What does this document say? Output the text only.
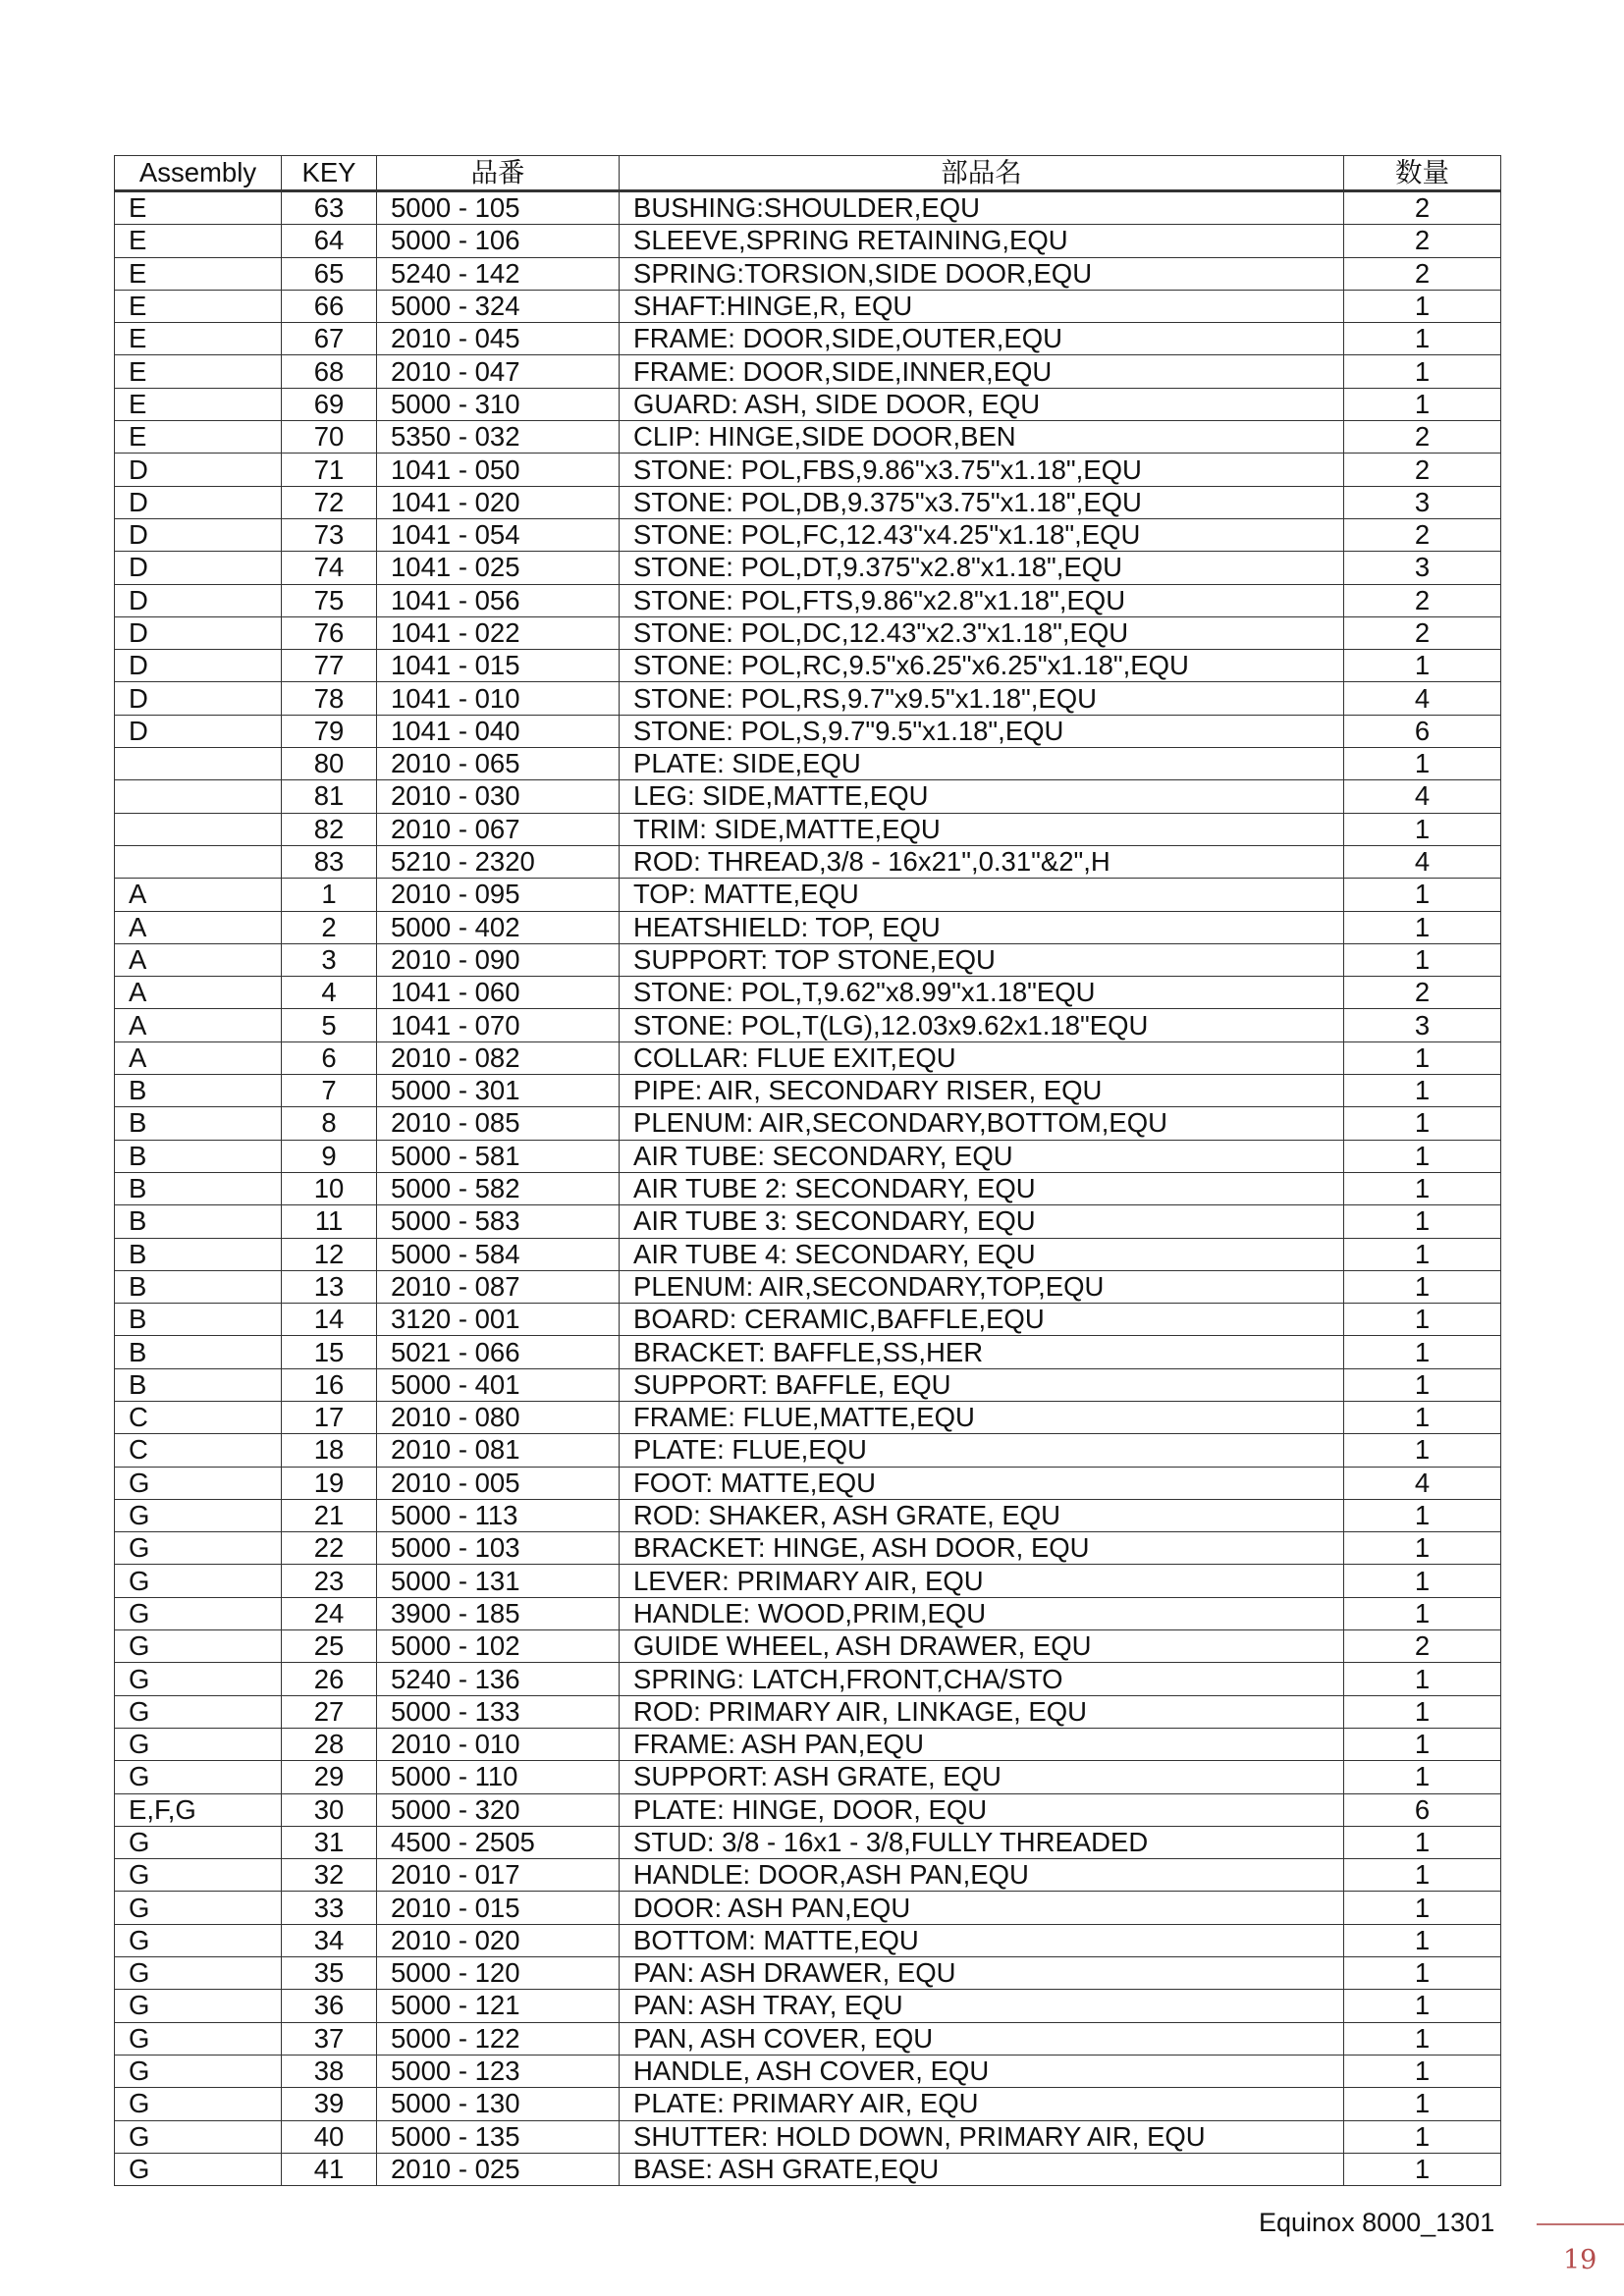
Assembly	KEY	品番	部品名	数量
E	63	5000 - 105	BUSHING:SHOULDER,EQU	2
E	64	5000 - 106	SLEEVE,SPRING RETAINING,EQU	2
E	65	5240 - 142	SPRING:TORSION,SIDE DOOR,EQU	2
E	66	5000 - 324	SHAFT:HINGE,R, EQU	1
E	67	2010 - 045	FRAME: DOOR,SIDE,OUTER,EQU	1
E	68	2010 - 047	FRAME: DOOR,SIDE,INNER,EQU	1
E	69	5000 - 310	GUARD: ASH, SIDE DOOR, EQU	1
E	70	5350 - 032	CLIP: HINGE,SIDE DOOR,BEN	2
D	71	1041 - 050	STONE: POL,FBS,9.86"x3.75"x1.18",EQU	2
D	72	1041 - 020	STONE: POL,DB,9.375"x3.75"x1.18",EQU	3
D	73	1041 - 054	STONE: POL,FC,12.43"x4.25"x1.18",EQU	2
D	74	1041 - 025	STONE: POL,DT,9.375"x2.8"x1.18",EQU	3
D	75	1041 - 056	STONE: POL,FTS,9.86"x2.8"x1.18",EQU	2
D	76	1041 - 022	STONE: POL,DC,12.43"x2.3"x1.18",EQU	2
D	77	1041 - 015	STONE: POL,RC,9.5"x6.25"x6.25"x1.18",EQU	1
D	78	1041 - 010	STONE: POL,RS,9.7"x9.5"x1.18",EQU	4
D	79	1041 - 040	STONE: POL,S,9.7"9.5"x1.18",EQU	6
	80	2010 - 065	PLATE: SIDE,EQU	1
	81	2010 - 030	LEG: SIDE,MATTE,EQU	4
	82	2010 - 067	TRIM: SIDE,MATTE,EQU	1
	83	5210 - 2320	ROD: THREAD,3/8 - 16x21",0.31"&2",H	4
A	1	2010 - 095	TOP: MATTE,EQU	1
A	2	5000 - 402	HEATSHIELD: TOP, EQU	1
A	3	2010 - 090	SUPPORT: TOP STONE,EQU	1
A	4	1041 - 060	STONE: POL,T,9.62"x8.99"x1.18"EQU	2
A	5	1041 - 070	STONE: POL,T(LG),12.03x9.62x1.18"EQU	3
A	6	2010 - 082	COLLAR: FLUE EXIT,EQU	1
B	7	5000 - 301	PIPE: AIR, SECONDARY RISER, EQU	1
B	8	2010 - 085	PLENUM: AIR,SECONDARY,BOTTOM,EQU	1
B	9	5000 - 581	AIR TUBE: SECONDARY, EQU	1
B	10	5000 - 582	AIR TUBE 2: SECONDARY, EQU	1
B	11	5000 - 583	AIR TUBE 3: SECONDARY, EQU	1
B	12	5000 - 584	AIR TUBE 4: SECONDARY, EQU	1
B	13	2010 - 087	PLENUM: AIR,SECONDARY,TOP,EQU	1
B	14	3120 - 001	BOARD: CERAMIC,BAFFLE,EQU	1
B	15	5021 - 066	BRACKET: BAFFLE,SS,HER	1
B	16	5000 - 401	SUPPORT: BAFFLE, EQU	1
C	17	2010 - 080	FRAME: FLUE,MATTE,EQU	1
C	18	2010 - 081	PLATE: FLUE,EQU	1
G	19	2010 - 005	FOOT: MATTE,EQU	4
G	21	5000 - 113	ROD: SHAKER, ASH GRATE, EQU	1
G	22	5000 - 103	BRACKET: HINGE, ASH DOOR, EQU	1
G	23	5000 - 131	LEVER: PRIMARY AIR, EQU	1
G	24	3900 - 185	HANDLE: WOOD,PRIM,EQU	1
G	25	5000 - 102	GUIDE WHEEL, ASH DRAWER, EQU	2
G	26	5240 - 136	SPRING: LATCH,FRONT,CHA/STO	1
G	27	5000 - 133	ROD: PRIMARY AIR, LINKAGE, EQU	1
G	28	2010 - 010	FRAME: ASH PAN,EQU	1
G	29	5000 - 110	SUPPORT: ASH GRATE, EQU	1
E,F,G	30	5000 - 320	PLATE: HINGE, DOOR, EQU	6
G	31	4500 - 2505	STUD: 3/8 - 16x1 - 3/8,FULLY THREADED	1
G	32	2010 - 017	HANDLE: DOOR,ASH PAN,EQU	1
G	33	2010 - 015	DOOR: ASH PAN,EQU	1
G	34	2010 - 020	BOTTOM: MATTE,EQU	1
G	35	5000 - 120	PAN: ASH DRAWER, EQU	1
G	36	5000 - 121	PAN: ASH TRAY, EQU	1
G	37	5000 - 122	PAN, ASH COVER, EQU	1
G	38	5000 - 123	HANDLE, ASH COVER, EQU	1
G	39	5000 - 130	PLATE: PRIMARY AIR, EQU	1
G	40	5000 - 135	SHUTTER: HOLD DOWN, PRIMARY AIR, EQU	1
G	41	2010 - 025	BASE: ASH GRATE,EQU	1
Equinox 8000_1301
19
